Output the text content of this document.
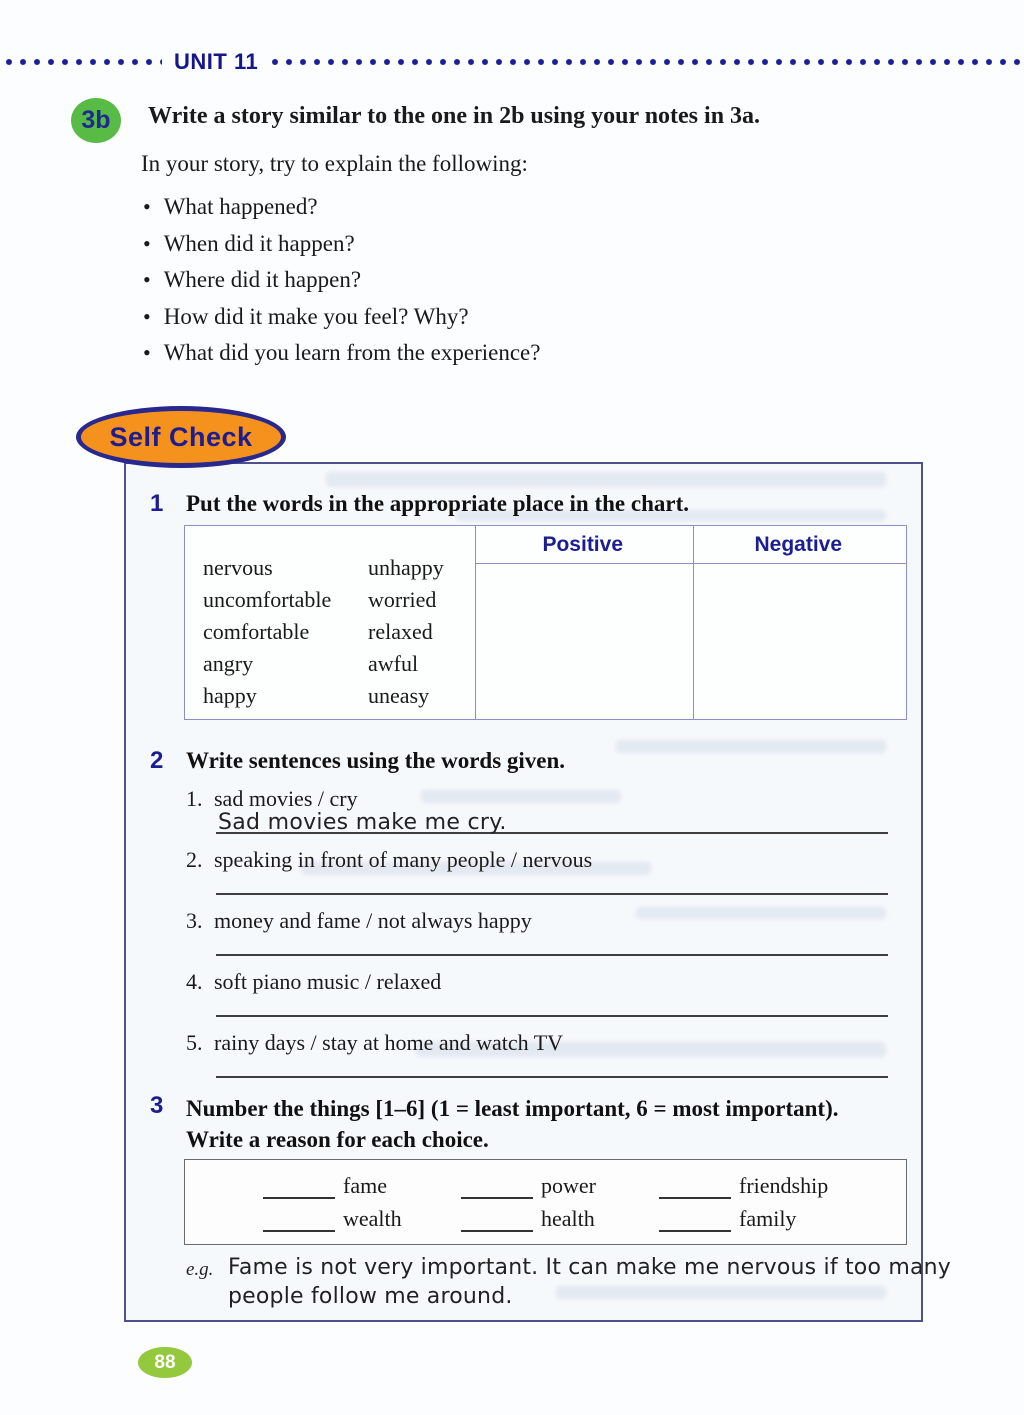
UNIT 11
3b	Write a story similar to the one in 2b using your notes in 3a.
In your story, try to explain the following:
• What happened?
• When did it happen?
• Where did it happen?
• How did it make you feel? Why?
• What did you learn from the experience?
Self Check
1 Put the words in the appropriate place in the chart.
nervous
uncomfortable
comfortable
angry
happy
unhappy
worried
relaxed
awful
uneasy
Positive	Negative
2 Write sentences using the words given.
1. sad movies / cry
Sad movies make me cry.
2. speaking in front of many people / nervous
3. money and fame / not always happy
4. soft piano music / relaxed
5. rainy days / stay at home and watch TV
3 Number the things [1–6] (1 = least important, 6 = most important). Write a reason for each choice.
fame	power	friendship
wealth	health	family
e.g. Fame is not very important. It can make me nervous if too many
people follow me around.
88
